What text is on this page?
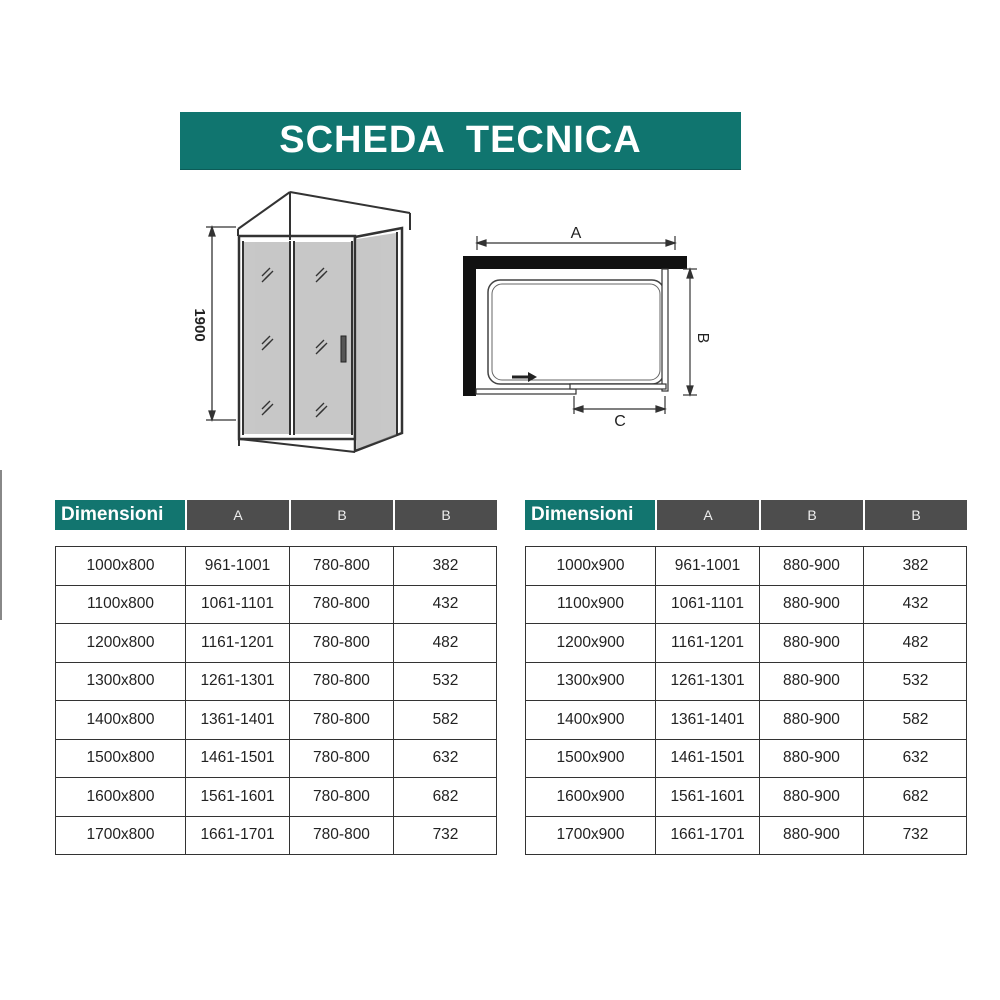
SCHEDA TECNICA
1900
A
B
C
Dimensioni	A	B	B
1000x800	961-1001	780-800	382
1100x800	1061-1101	780-800	432
1200x800	1161-1201	780-800	482
1300x800	1261-1301	780-800	532
1400x800	1361-1401	780-800	582
1500x800	1461-1501	780-800	632
1600x800	1561-1601	780-800	682
1700x800	1661-1701	780-800	732
Dimensioni	A	B	B
1000x900	961-1001	880-900	382
1100x900	1061-1101	880-900	432
1200x900	1161-1201	880-900	482
1300x900	1261-1301	880-900	532
1400x900	1361-1401	880-900	582
1500x900	1461-1501	880-900	632
1600x900	1561-1601	880-900	682
1700x900	1661-1701	880-900	732
